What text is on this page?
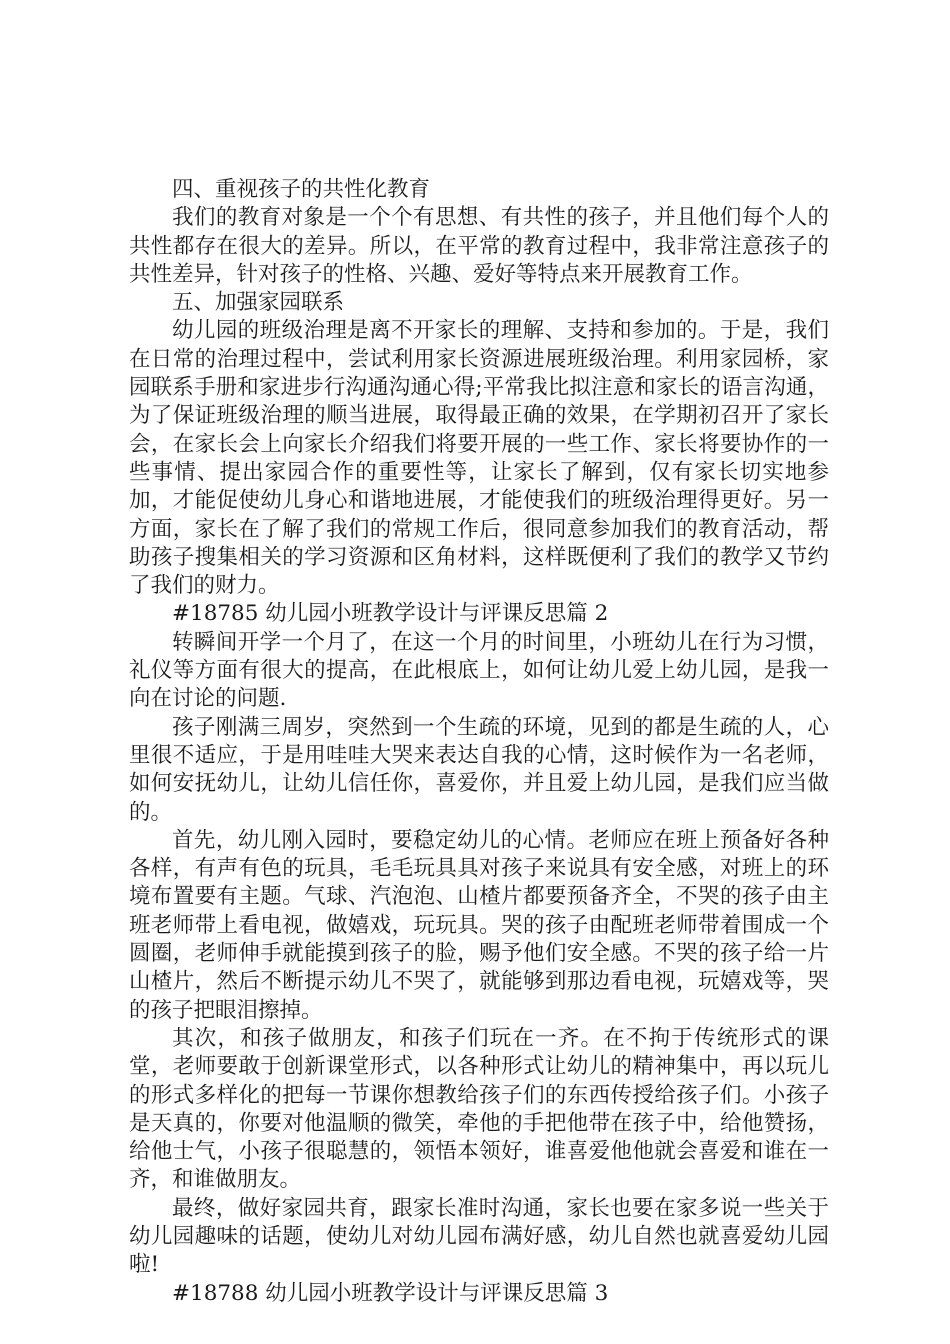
四、重视孩子的共性化教育

我们的教育对象是一个个有思想、有共性的孩子，并且他们每个人的共性都存在很大的差异。所以，在平常的教育过程中，我非常注意孩子的共性差异，针对孩子的性格、兴趣、爱好等特点来开展教育工作。

五、加强家园联系

幼儿园的班级治理是离不开家长的理解、支持和参加的。于是，我们在日常的治理过程中，尝试利用家长资源进展班级治理。利用家园桥，家园联系手册和家进步行沟通沟通心得;平常我比拟注意和家长的语言沟通，为了保证班级治理的顺当进展，取得最正确的效果，在学期初召开了家长会，在家长会上向家长介绍我们将要开展的一些工作、家长将要协作的一些事情、提出家园合作的重要性等，让家长了解到，仅有家长切实地参加，才能促使幼儿身心和谐地进展，才能使我们的班级治理得更好。另一方面，家长在了解了我们的常规工作后，很同意参加我们的教育活动，帮助孩子搜集相关的学习资源和区角材料，这样既便利了我们的教学又节约了我们的财力。

#18785 幼儿园小班教学设计与评课反思篇 2

转瞬间开学一个月了，在这一个月的时间里，小班幼儿在行为习惯，礼仪等方面有很大的提高，在此根底上，如何让幼儿爱上幼儿园，是我一向在讨论的问题.

孩子刚满三周岁，突然到一个生疏的环境，见到的都是生疏的人，心里很不适应，于是用哇哇大哭来表达自我的心情，这时候作为一名老师，如何安抚幼儿，让幼儿信任你，喜爱你，并且爱上幼儿园，是我们应当做的。

首先，幼儿刚入园时，要稳定幼儿的心情。老师应在班上预备好各种各样，有声有色的玩具，毛毛玩具具对孩子来说具有安全感，对班上的环境布置要有主题。气球、汽泡泡、山楂片都要预备齐全，不哭的孩子由主班老师带上看电视，做嬉戏，玩玩具。哭的孩子由配班老师带着围成一个圆圈，老师伸手就能摸到孩子的脸，赐予他们安全感。不哭的孩子给一片山楂片，然后不断提示幼儿不哭了，就能够到那边看电视，玩嬉戏等，哭的孩子把眼泪擦掉。

其次，和孩子做朋友，和孩子们玩在一齐。在不拘于传统形式的课堂，老师要敢于创新课堂形式，以各种形式让幼儿的精神集中，再以玩儿的形式多样化的把每一节课你想教给孩子们的东西传授给孩子们。小孩子是天真的，你要对他温顺的微笑，牵他的手把他带在孩子中，给他赞扬，给他士气，小孩子很聪慧的，领悟本领好，谁喜爱他他就会喜爱和谁在一齐，和谁做朋友。

最终，做好家园共育，跟家长准时沟通，家长也要在家多说一些关于幼儿园趣味的话题，使幼儿对幼儿园布满好感，幼儿自然也就喜爱幼儿园啦!

#18788 幼儿园小班教学设计与评课反思篇 3
